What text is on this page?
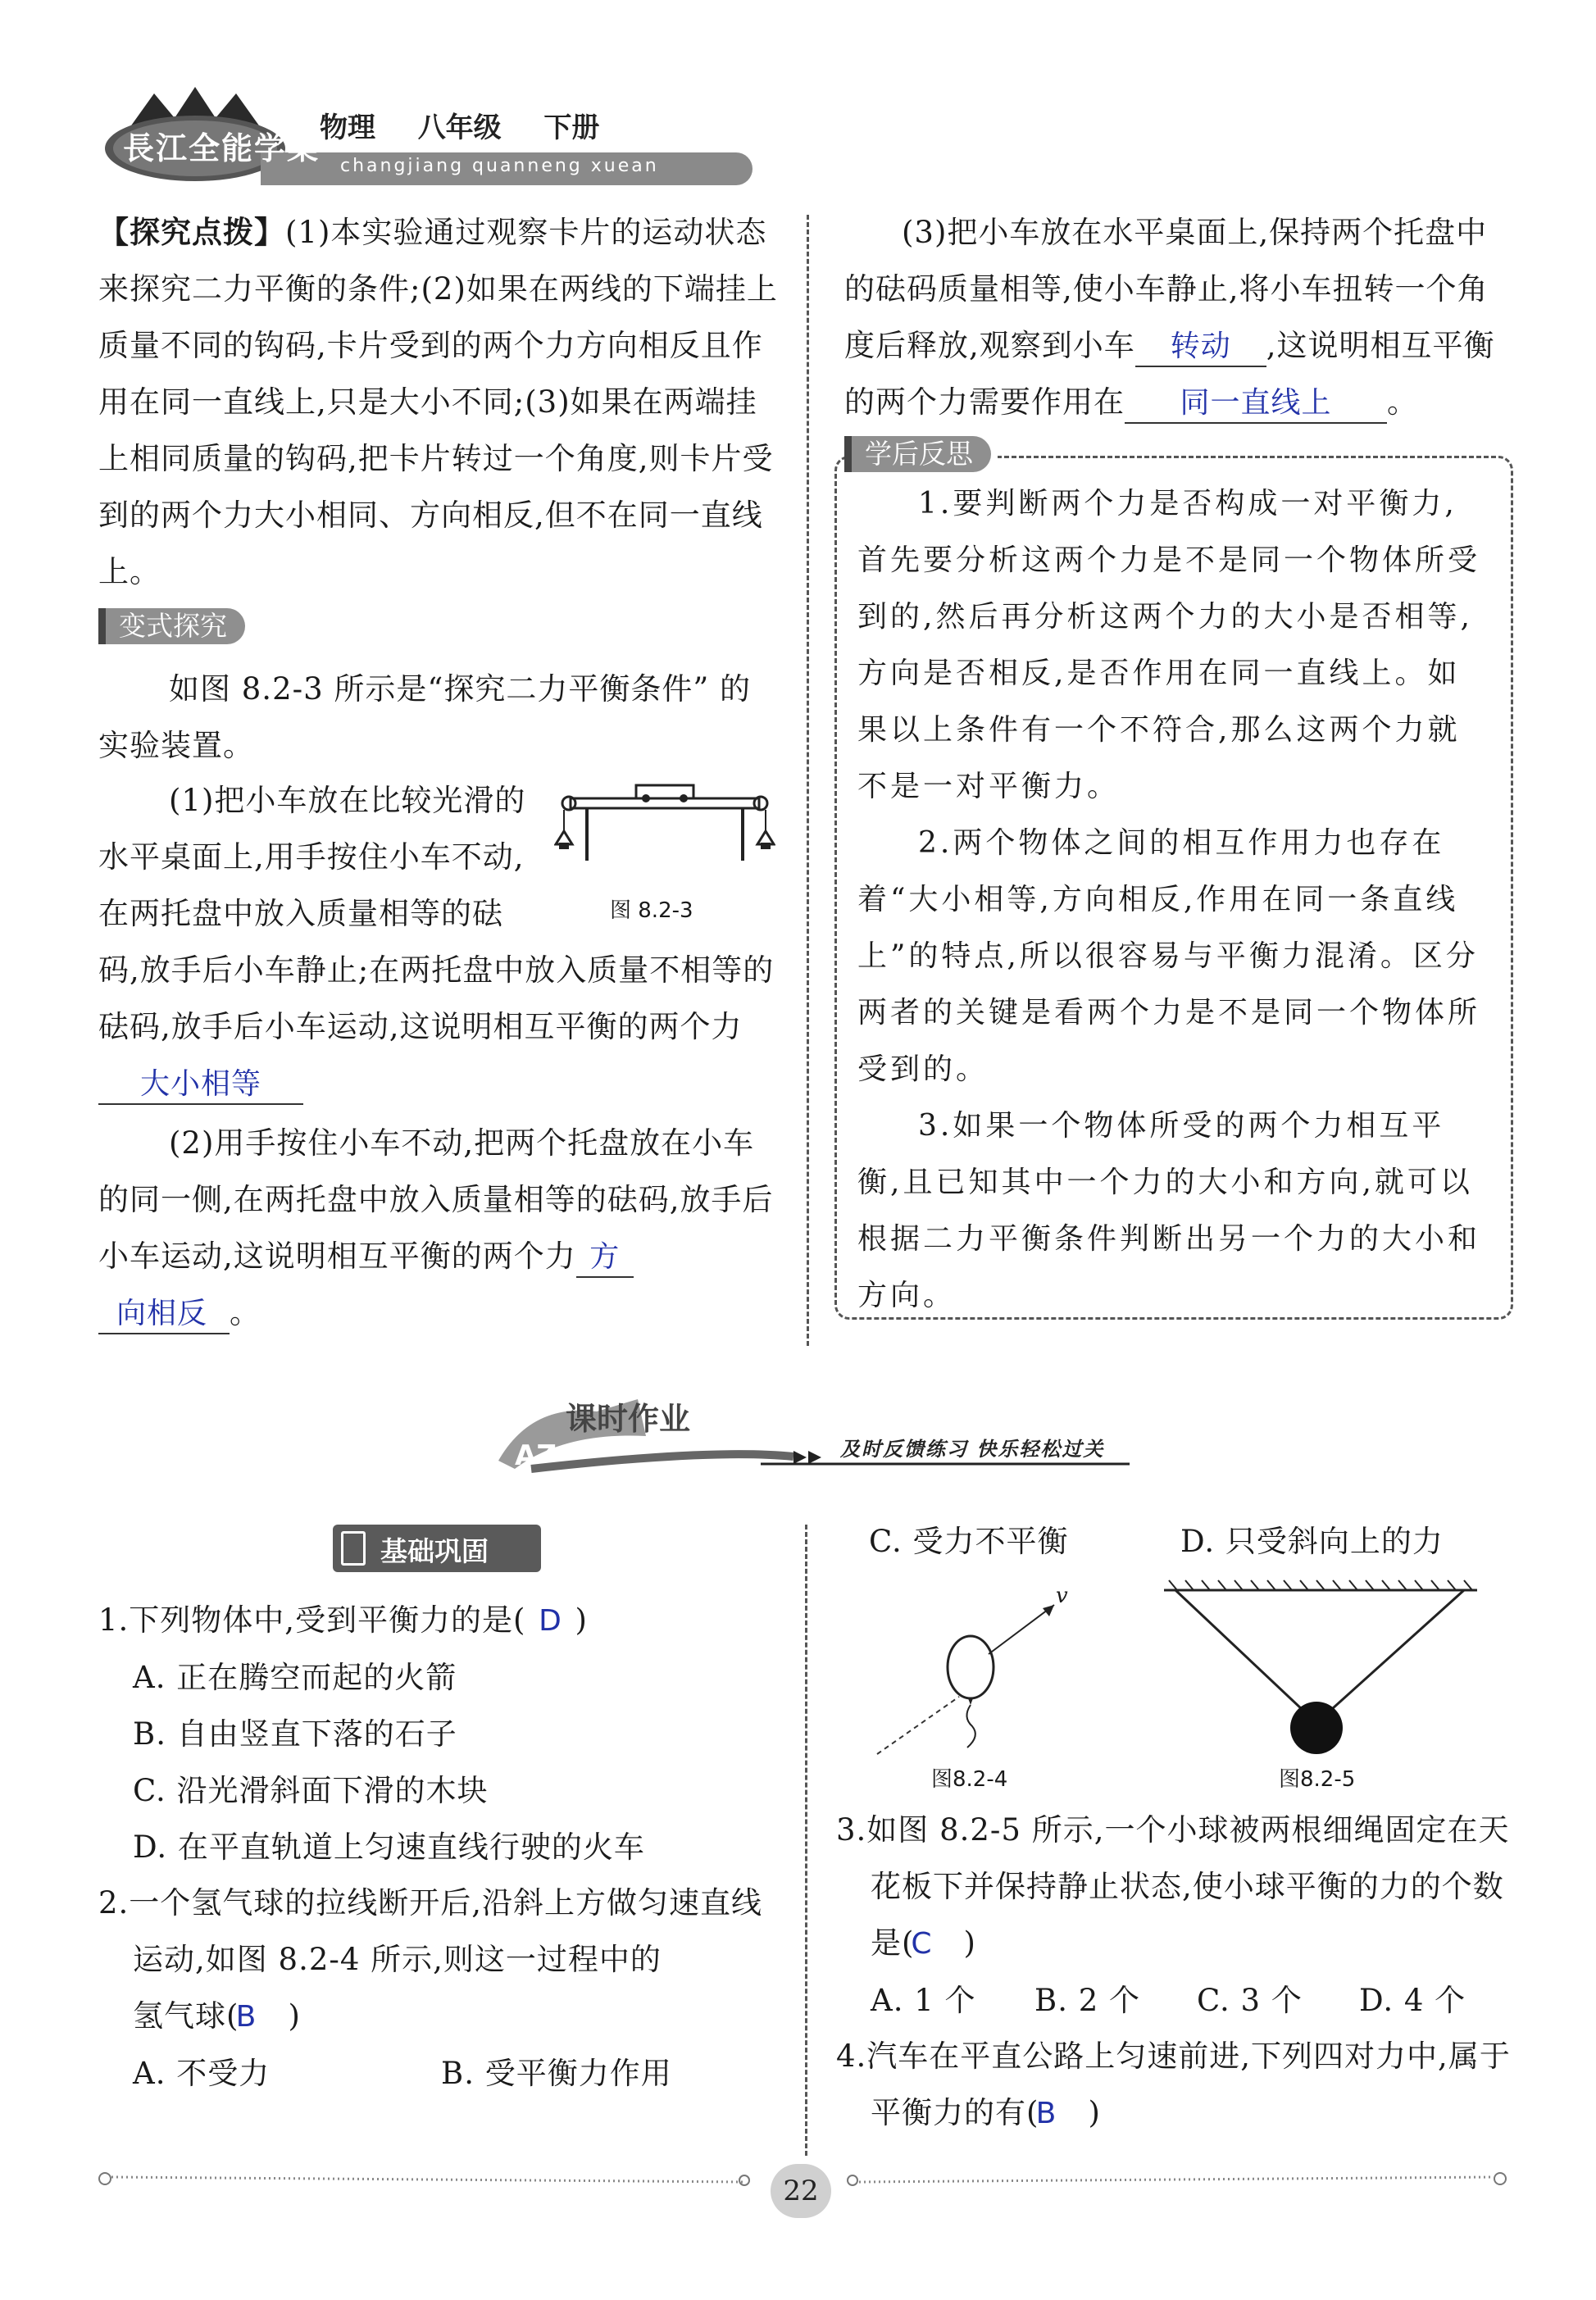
長江全能学案 changjiang quanneng xuean
物理 八年级 下册
【探究点拨】(1)本实验通过观察卡片的运动状态来探究二力平衡的条件;(2)如果在两线的下端挂上质量不同的钩码,卡片受到的两个力方向相反且作用在同一直线上,只是大小不同;(3)如果在两端挂上相同质量的钩码,把卡片转过一个角度,则卡片受到的两个力大小相同、方向相反,但不在同一直线上。
变式探究
如图 8.2-3 所示是“探究二力平衡条件” 的实验装置。
图 8.2-3
(1)把小车放在比较光滑的水平桌面上,用手按住小车不动,在两托盘中放入质量相等的砝码,放手后小车静止;在两托盘中放入质量不相等的砝码,放手后小车运动,这说明相互平衡的两个力大小相等
(2)用手按住小车不动,把两个托盘放在小车的同一侧,在两托盘中放入质量相等的砝码,放手后小车运动,这说明相互平衡的两个力 方
向相反 。
(3)把小车放在水平桌面上,保持两个托盘中的砝码质量相等,使小车静止,将小车扭转一个角度后释放,观察到小车 转动 ,这说明相互平衡的两个力需要作用在 同一直线上 。
学后反思
1.要判断两个力是否构成一对平衡力,首先要分析这两个力是不是同一个物体所受到的,然后再分析这两个力的大小是否相等,方向是否相反,是否作用在同一直线上。如果以上条件有一个不符合,那么这两个力就不是一对平衡力。
2.两个物体之间的相互作用力也存在着“大小相等,方向相反,作用在同一条直线上”的特点,所以很容易与平衡力混淆。区分两者的关键是看两个力是不是同一个物体所受到的。
3.如果一个物体所受的两个力相互平衡,且已知其中一个力的大小和方向,就可以根据二力平衡条件判断出另一个力的大小和方向。
AZ
课时作业
及时反馈练习 快乐轻松过关
基础巩固
1.下列物体中,受到平衡力的是( D )
A. 正在腾空而起的火箭
B. 自由竖直下落的石子
C. 沿光滑斜面下滑的木块
D. 在平直轨道上匀速直线行驶的火车
2.一个氢气球的拉线断开后,沿斜上方做匀速直线运动,如图 8.2-4 所示,则这一过程中的
氢气球(B )
A. 不受力	B. 受平衡力作用
C. 受力不平衡	D. 只受斜向上的力
v
图8.2-4	图8.2-5
3.如图 8.2-5 所示,一个小球被两根细绳固定在天花板下并保持静止状态,使小球平衡的力的个数是(C )
A. 1 个 B. 2 个 C. 3 个 D. 4 个
4.汽车在平直公路上匀速前进,下列四对力中,属于平衡力的有(B )
22
